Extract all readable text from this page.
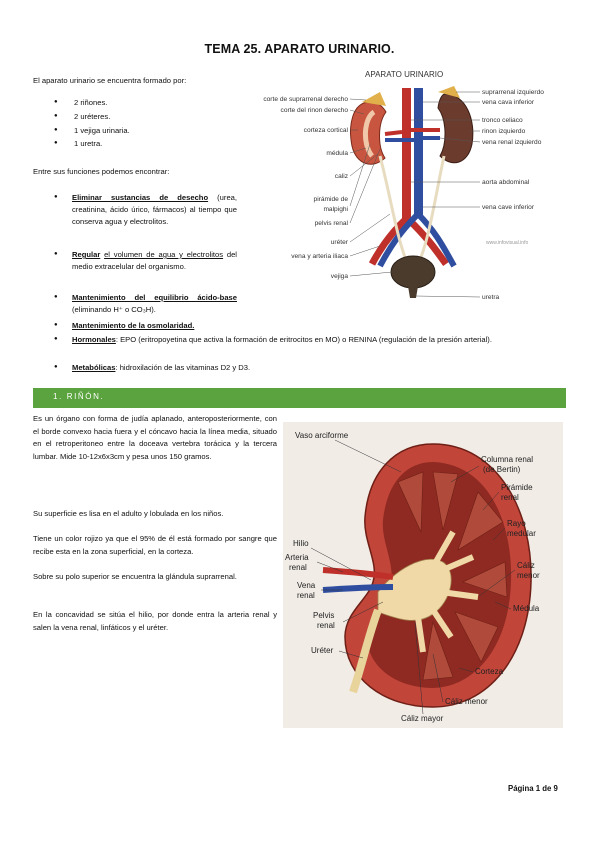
TEMA 25. APARATO URINARIO.

El aparato urinario se encuentra formado por:

● 2 riñones.
● 2 uréteres.
● 1 vejiga urinaria.
● 1 uretra.

Entre sus funciones podemos encontrar:

● Eliminar sustancias de desecho (urea, creatinina, ácido úrico, fármacos) al tiempo que conserva agua y electrolitos.
● Regular el volumen de agua y electrolitos del medio extracelular del organismo.
● Mantenimiento del equilibrio ácido-base (eliminando H⁺ o CO₃H).
● Mantenimiento de la osmolaridad.
● Hormonales: EPO (eritropoyetina que activa la formación de eritrocitos en MO) o RENINA (regulación de la presión arterial).
● Metabólicas: hidroxilación de las vitaminas D2 y D3.
APARATO URINARIO
corte de suprarrenal derecho
corte del rinon derecho
corteza cortical
médula
caliz
pirámide de
malpighi
pelvis renal
uréter
vena y arteria iliaca
vejiga
suprarrenal izquierdo
vena cava inferior
tronco celiaco
rinon izquierdo
vena renal izquierdo
aorta abdominal
vena cave inferior
uretra
www.infovisual.info
1. RIÑÓN.

Es un órgano con forma de judía aplanado, anteroposteriormente, con el borde convexo hacia fuera y el cóncavo hacia la línea media, situado en el retroperitoneo entre la doceava vertebra torácica y la tercera lumbar. Mide 10-12x6x3cm y pesa unos 150 gramos.

Su superficie es lisa en el adulto y lobulada en los niños.

Tiene un color rojizo ya que el 95% de él está formado por sangre que recibe esta en la zona superficial, en la corteza.

Sobre su polo superior se encuentra la glándula suprarrenal.

En la concavidad se sitúa el hilio, por donde entra la arteria renal y salen la vena renal, linfáticos y el uréter.

Vaso arciforme
Columna renal
(de Bertin)
Pirámide
renal
Rayo
medular
Hilio
Arteria
renal	Cáliz
menor
Vena
renal
Médula
Pelvis
renal
Uréter
Corteza
Cáliz menor
Cáliz mayor
Página 1 de 9
